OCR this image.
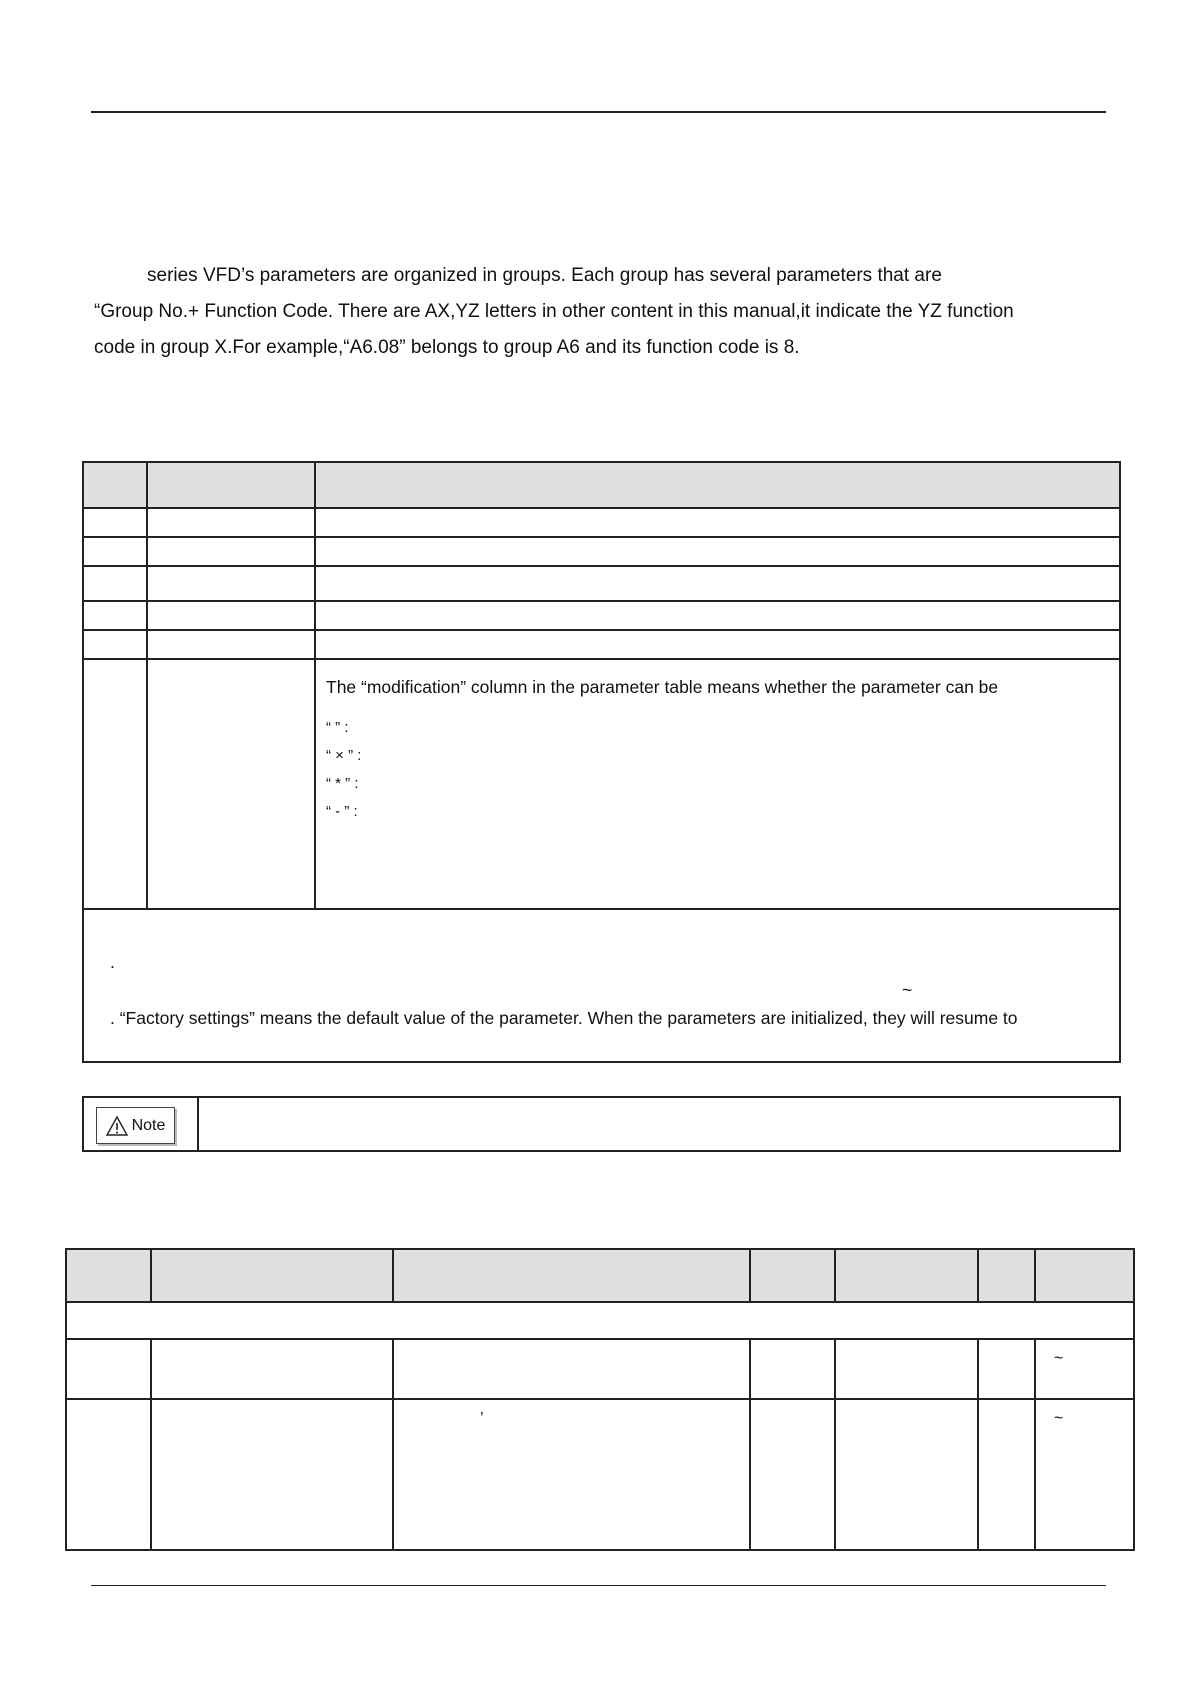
series VFD’s parameters are organized in groups. Each group has several parameters that are

“Group No.+ Function Code. There are AX,YZ letters in other content in this manual,it indicate the YZ function

code in group X.For example,“A6.08” belongs to group A6 and its function code is 8.

		The “modification” column in the parameter table means whether the parameter can be
“ ” :
“ × ” :
“ * ” :
“ - ” :

.
~
. “Factory settings” means the default value of the parameter. When the parameters are initialized, they will resume to		
Note

						~

		’				~
